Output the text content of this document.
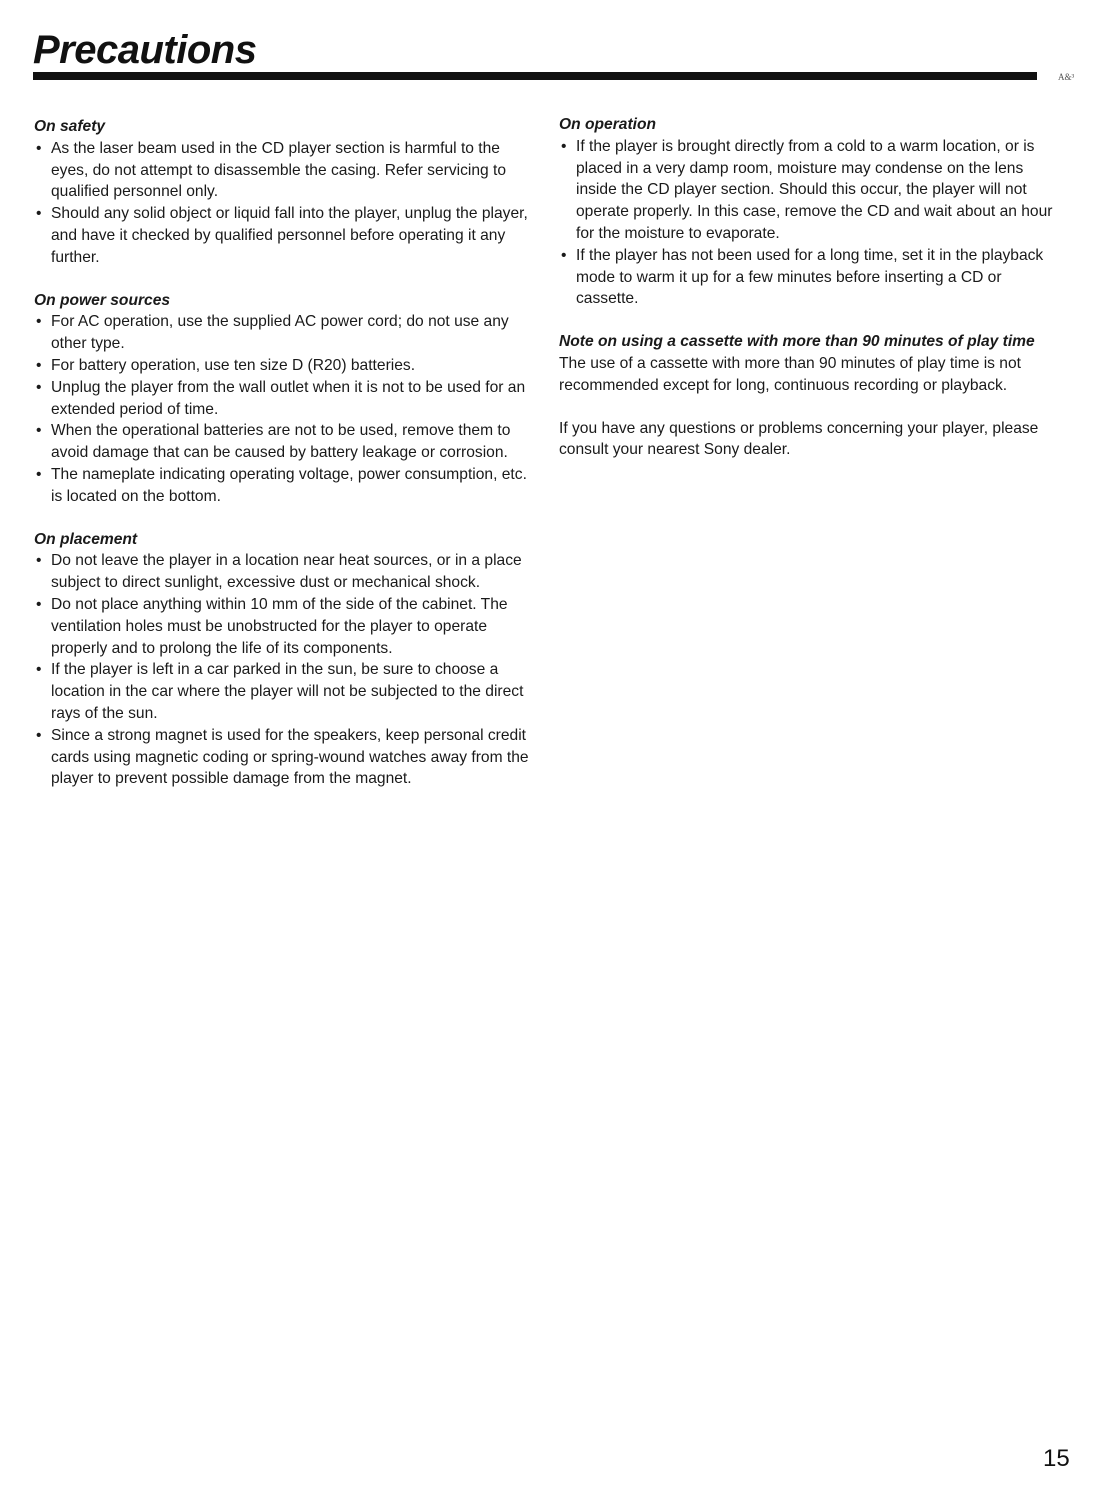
Precautions
A&³
On safety
• As the laser beam used in the CD player section is harmful to the eyes, do not attempt to disassemble the casing. Refer servicing to qualified personnel only.
• Should any solid object or liquid fall into the player, unplug the player, and have it checked by qualified personnel before operating it any further.
On power sources
• For AC operation, use the supplied AC power cord; do not use any other type.
• For battery operation, use ten size D (R20) batteries.
• Unplug the player from the wall outlet when it is not to be used for an extended period of time.
• When the operational batteries are not to be used, remove them to avoid damage that can be caused by battery leakage or corrosion.
• The nameplate indicating operating voltage, power consumption, etc. is located on the bottom.
On placement
• Do not leave the player in a location near heat sources, or in a place subject to direct sunlight, excessive dust or mechanical shock.
• Do not place anything within 10 mm of the side of the cabinet. The ventilation holes must be unobstructed for the player to operate properly and to prolong the life of its components.
• If the player is left in a car parked in the sun, be sure to choose a location in the car where the player will not be subjected to the direct rays of the sun.
• Since a strong magnet is used for the speakers, keep personal credit cards using magnetic coding or spring-wound watches away from the player to prevent possible damage from the magnet.
On operation
• If the player is brought directly from a cold to a warm location, or is placed in a very damp room, moisture may condense on the lens inside the CD player section. Should this occur, the player will not operate properly. In this case, remove the CD and wait about an hour for the moisture to evaporate.
• If the player has not been used for a long time, set it in the playback mode to warm it up for a few minutes before inserting a CD or cassette.
Note on using a cassette with more than 90 minutes of play time

The use of a cassette with more than 90 minutes of play time is not recommended except for long, continuous recording or playback.

If you have any questions or problems concerning your player, please consult your nearest Sony dealer.

15
